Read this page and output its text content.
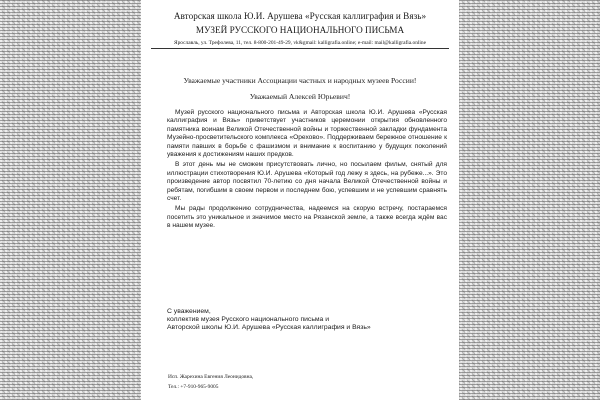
Авторская школа Ю.И. Арушева «Русская каллиграфия и Вязь»
МУЗЕЙ РУССКОГО НАЦИОНАЛЬНОГО ПИСЬМА
Ярославль, ул. Трефолева, 11, тел. 8-800-201-49-29, vk&gmail: kalligrafia.online; e-mail: mail@kalligrafia.online
Уважаемые участники Ассоциации частных и народных музеев России!
Уважаемый Алексей Юрьевич!

Музей русского национального письма и Авторская школа Ю.И. Арушева «Русская каллиграфия и Вязь» приветствует участников церемонии открытия обновленного памятника воинам Великой Отечественной войны и торжественной закладки фундамента Музейно-просветительского комплекса «Орехово». Поддерживаем бережное отношение к памяти павших в борьбе с фашизмом и внимание к воспитанию у будущих поколений уважения к достижениям наших предков.

В этот день мы не сможем присутствовать лично, но посылаем фильм, снятый для иллюстрации стихотворения Ю.И. Арушева «Который год лежу я здесь, на рубеже...». Это произведение автор посвятил 70-летию со дня начала Великой Отечественной войны и ребятам, погибшим в своем первом и последнем бою, успевшим и не успевшим сравнять счет.

Мы рады продолжению сотрудничества, надеемся на скорую встречу, постараемся посетить это уникальное и значимое место на Рязанской земле, а также всегда ждём вас в нашем музее.

С уважением,
коллектив музея Русского национального письма и
Авторской школы Ю.И. Арушева «Русская каллиграфия и Вязь»
Исп. Жарехина Евгения Леонидовна,
Тел.: +7-910-965-9005
